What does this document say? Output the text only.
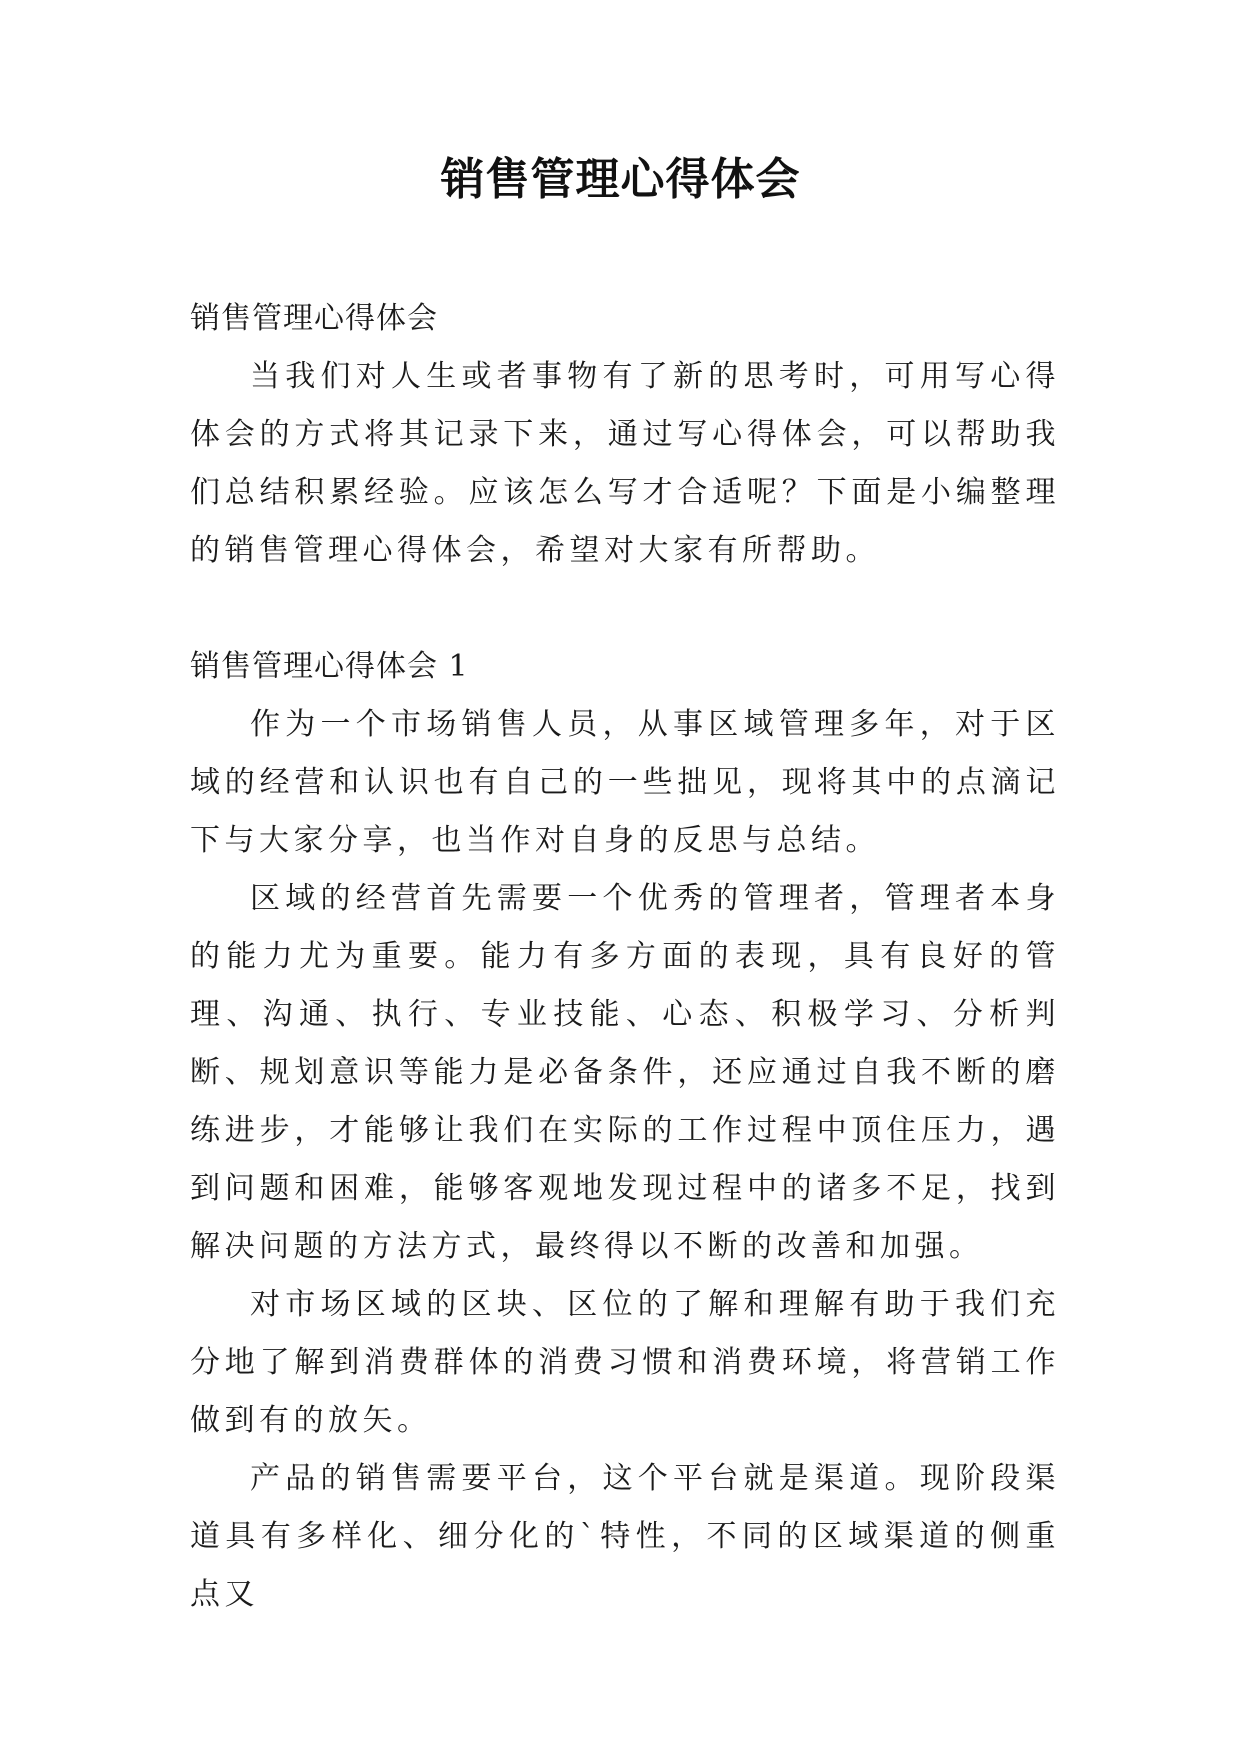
销售管理心得体会

销售管理心得体会

当我们对人生或者事物有了新的思考时，可用写心得体会的方式将其记录下来，通过写心得体会，可以帮助我们总结积累经验。应该怎么写才合适呢？下面是小编整理的销售管理心得体会，希望对大家有所帮助。

销售管理心得体会 1

作为一个市场销售人员，从事区域管理多年，对于区域的经营和认识也有自己的一些拙见，现将其中的点滴记下与大家分享，也当作对自身的反思与总结。

区域的经营首先需要一个优秀的管理者，管理者本身的能力尤为重要。能力有多方面的表现，具有良好的管理、沟通、执行、专业技能、心态、积极学习、分析判断、规划意识等能力是必备条件，还应通过自我不断的磨练进步，才能够让我们在实际的工作过程中顶住压力，遇到问题和困难，能够客观地发现过程中的诸多不足，找到解决问题的方法方式，最终得以不断的改善和加强。

对市场区域的区块、区位的了解和理解有助于我们充分地了解到消费群体的消费习惯和消费环境，将营销工作做到有的放矢。

产品的销售需要平台，这个平台就是渠道。现阶段渠道具有多样化、细分化的`特性，不同的区域渠道的侧重点又
